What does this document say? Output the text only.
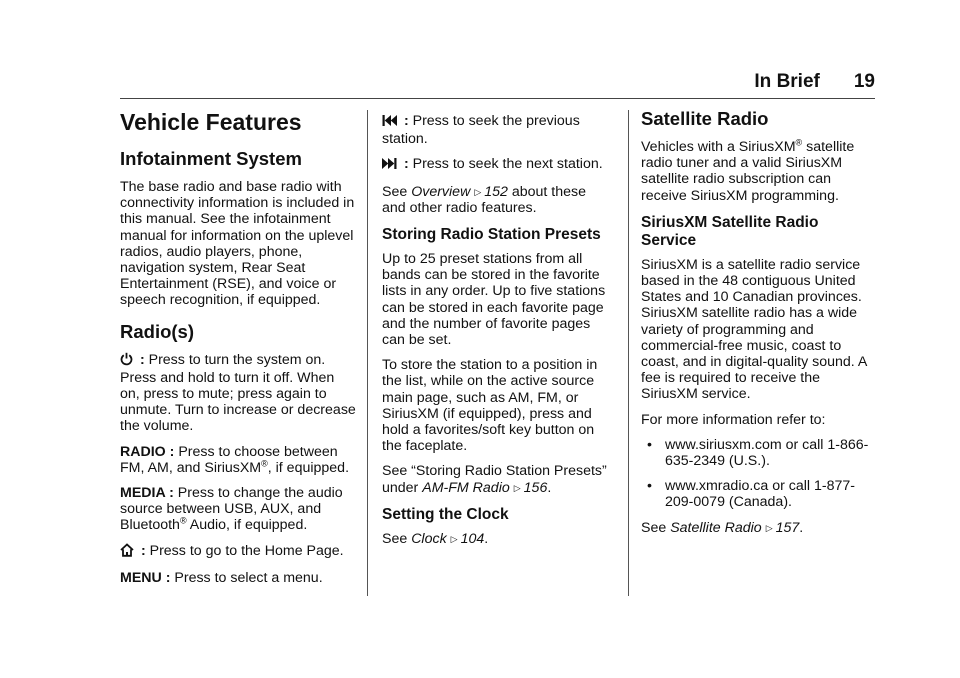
In Brief 19
Vehicle Features
Infotainment System

The base radio and base radio with connectivity information is included in this manual. See the infotainment manual for information on the uplevel radios, audio players, phone, navigation system, Rear Seat Entertainment (RSE), and voice or speech recognition, if equipped.

Radio(s)

: Press to turn the system on. Press and hold to turn it off. When on, press to mute; press again to unmute. Turn to increase or decrease the volume.

RADIO : Press to choose between FM, AM, and SiriusXM®, if equipped.

MEDIA : Press to change the audio source between USB, AUX, and Bluetooth® Audio, if equipped.

: Press to go to the Home Page.

MENU : Press to select a menu.

: Press to seek the previous station.

: Press to seek the next station.

See Overview ▷ 152 about these and other radio features.

Storing Radio Station Presets

Up to 25 preset stations from all bands can be stored in the favorite lists in any order. Up to five stations can be stored in each favorite page and the number of favorite pages can be set.

To store the station to a position in the list, while on the active source main page, such as AM, FM, or SiriusXM (if equipped), press and hold a favorites/soft key button on the faceplate.

See “Storing Radio Station Presets” under AM-FM Radio ▷ 156.

Setting the Clock

See Clock ▷ 104.

Satellite Radio

Vehicles with a SiriusXM® satellite radio tuner and a valid SiriusXM satellite radio subscription can receive SiriusXM programming.

SiriusXM Satellite Radio Service

SiriusXM is a satellite radio service based in the 48 contiguous United States and 10 Canadian provinces. SiriusXM satellite radio has a wide variety of programming and commercial-free music, coast to coast, and in digital-quality sound. A fee is required to receive the SiriusXM service.

For more information refer to:

• www.siriusxm.com or call 1-866-635-2349 (U.S.).
• www.xmradio.ca or call 1-877-209-0079 (Canada).

See Satellite Radio ▷ 157.
